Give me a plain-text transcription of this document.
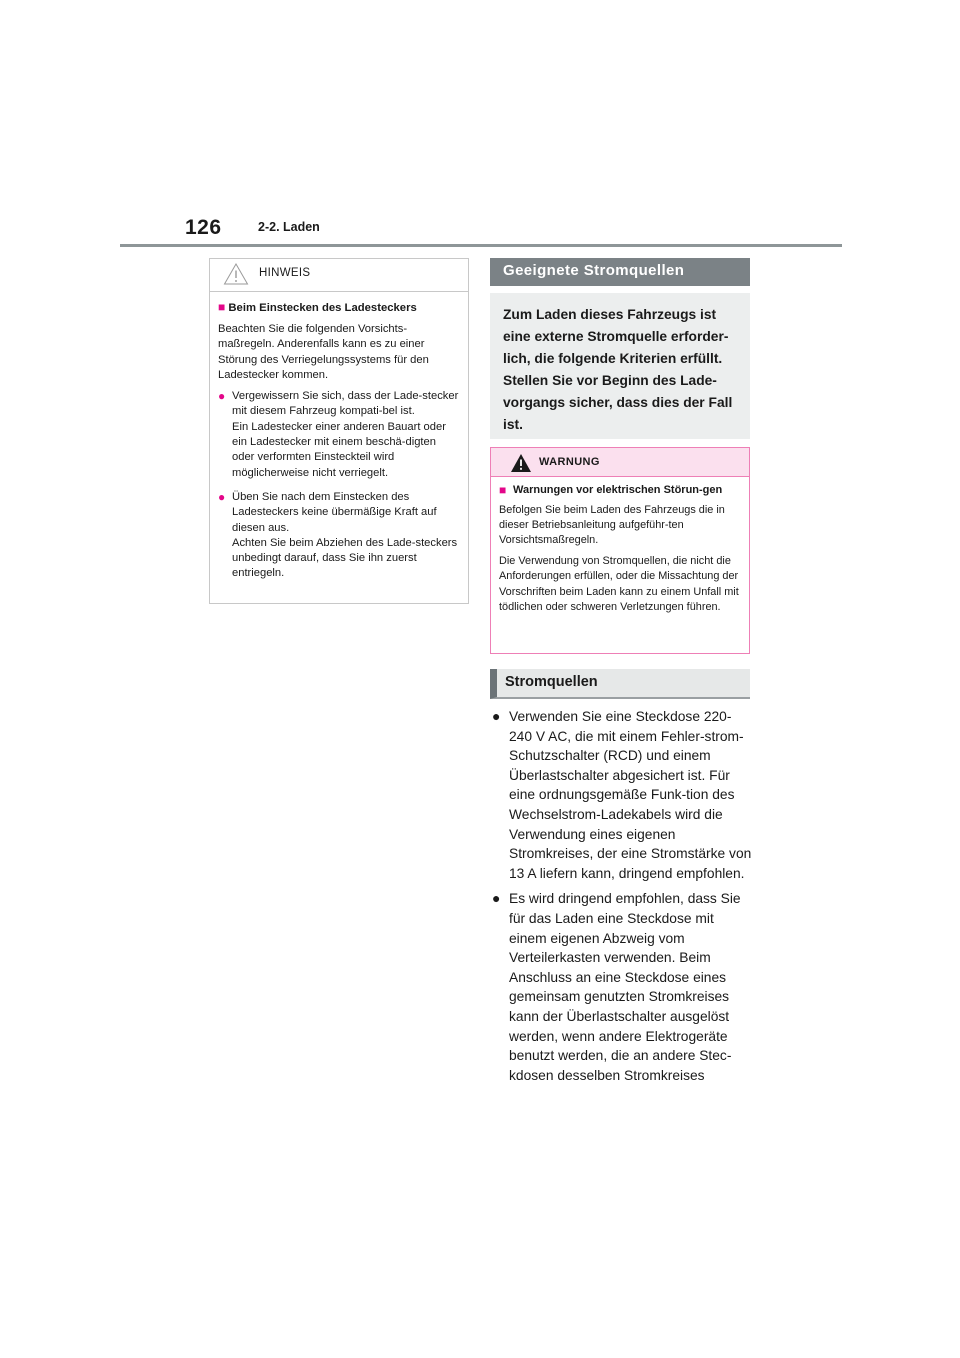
126	2-2. Laden
HINWEIS
■ Beim Einstecken des Ladesteckers
Beachten Sie die folgenden Vorsichts-maßregeln. Anderenfalls kann es zu einer Störung des Verriegelungssystems für den Ladestecker kommen.
● Vergewissern Sie sich, dass der Lade-stecker mit diesem Fahrzeug kompati-bel ist.
Ein Ladestecker einer anderen Bauart oder ein Ladestecker mit einem beschä-digten oder verformten Einsteckteil wird möglicherweise nicht verriegelt.
● Üben Sie nach dem Einstecken des Ladesteckers keine übermäßige Kraft auf diesen aus.
Achten Sie beim Abziehen des Lade-steckers unbedingt darauf, dass Sie ihn zuerst entriegeln.
Geeignete Stromquellen
Zum Laden dieses Fahrzeugs ist eine externe Stromquelle erforder-lich, die folgende Kriterien erfüllt. Stellen Sie vor Beginn des Lade-vorgangs sicher, dass dies der Fall ist.
WARNUNG
■ Warnungen vor elektrischen Störun-gen
Befolgen Sie beim Laden des Fahrzeugs die in dieser Betriebsanleitung aufgeführ-ten Vorsichtsmaßregeln.
Die Verwendung von Stromquellen, die nicht die Anforderungen erfüllen, oder die Missachtung der Vorschriften beim Laden kann zu einem Unfall mit tödlichen oder schweren Verletzungen führen.
Stromquellen
● Verwenden Sie eine Steckdose 220-240 V AC, die mit einem Fehler-strom-Schutzschalter (RCD) und einem Überlastschalter abgesichert ist. Für eine ordnungsgemäße Funk-tion des Wechselstrom-Ladekabels wird die Verwendung eines eigenen Stromkreises, der eine Stromstärke von 13 A liefern kann, dringend empfohlen.
● Es wird dringend empfohlen, dass Sie für das Laden eine Steckdose mit einem eigenen Abzweig vom Verteilerkasten verwenden. Beim Anschluss an eine Steckdose eines gemeinsam genutzten Stromkreises kann der Überlastschalter ausgelöst werden, wenn andere Elektrogeräte benutzt werden, die an andere Stec-kdosen desselben Stromkreises
